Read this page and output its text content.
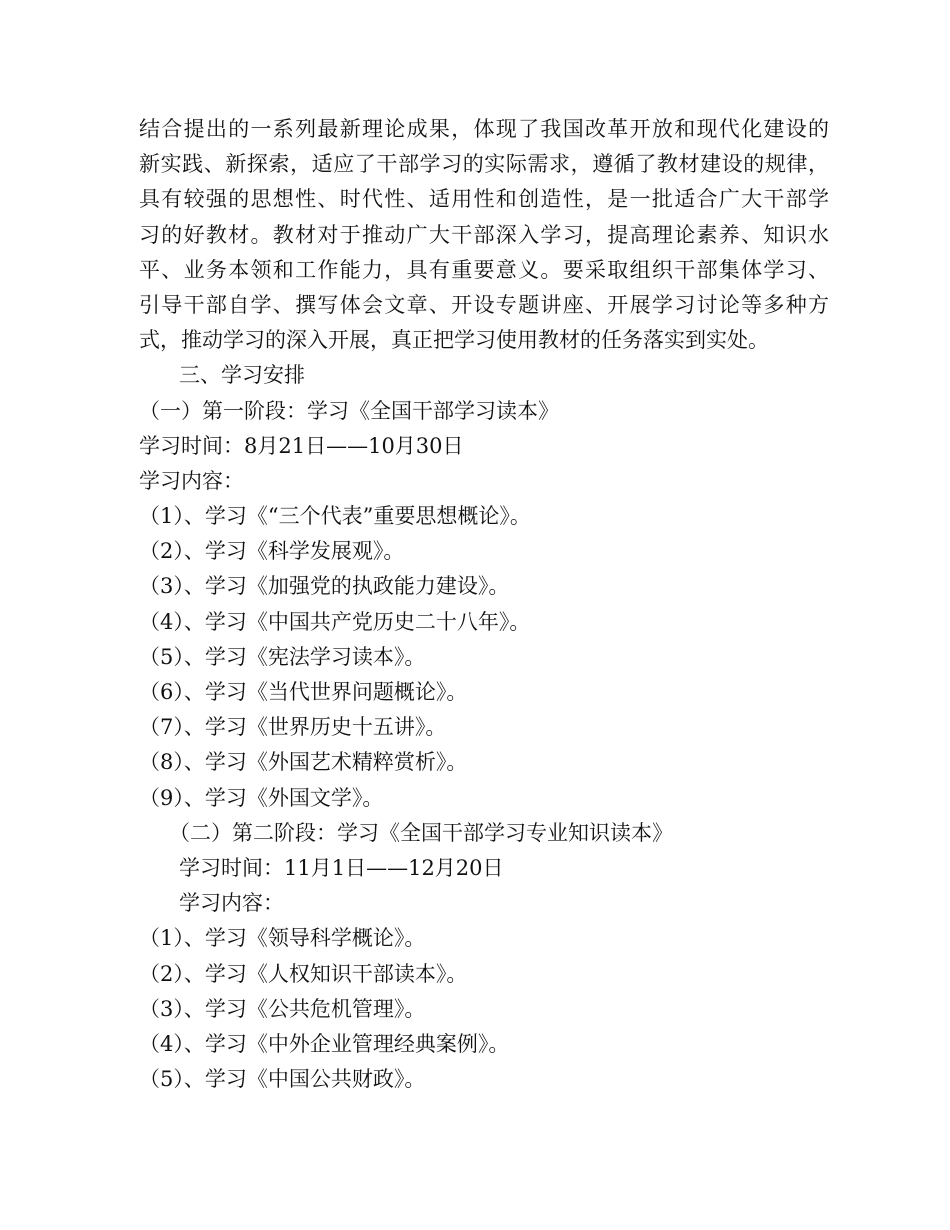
结合提出的一系列最新理论成果，体现了我国改革开放和现代化建设的
新实践、新探索，适应了干部学习的实际需求，遵循了教材建设的规律，
具有较强的思想性、时代性、适用性和创造性，是一批适合广大干部学
习的好教材。教材对于推动广大干部深入学习，提高理论素养、知识水
平、业务本领和工作能力，具有重要意义。要采取组织干部集体学习、
引导干部自学、撰写体会文章、开设专题讲座、开展学习讨论等多种方
式，推动学习的深入开展，真正把学习使用教材的任务落实到实处。
三、学习安排
（一）第一阶段：学习《全国干部学习读本》
学习时间：8月21日——10月30日
学习内容：
（1）、学习《“三个代表”重要思想概论》。
（2）、学习《科学发展观》。
（3）、学习《加强党的执政能力建设》。
（4）、学习《中国共产党历史二十八年》。
（5）、学习《宪法学习读本》。
（6）、学习《当代世界问题概论》。
（7）、学习《世界历史十五讲》。
（8）、学习《外国艺术精粹赏析》。
（9）、学习《外国文学》。
（二）第二阶段：学习《全国干部学习专业知识读本》
学习时间：11月1日——12月20日
学习内容：
（1）、学习《领导科学概论》。
（2）、学习《人权知识干部读本》。
（3）、学习《公共危机管理》。
（4）、学习《中外企业管理经典案例》。
（5）、学习《中国公共财政》。
